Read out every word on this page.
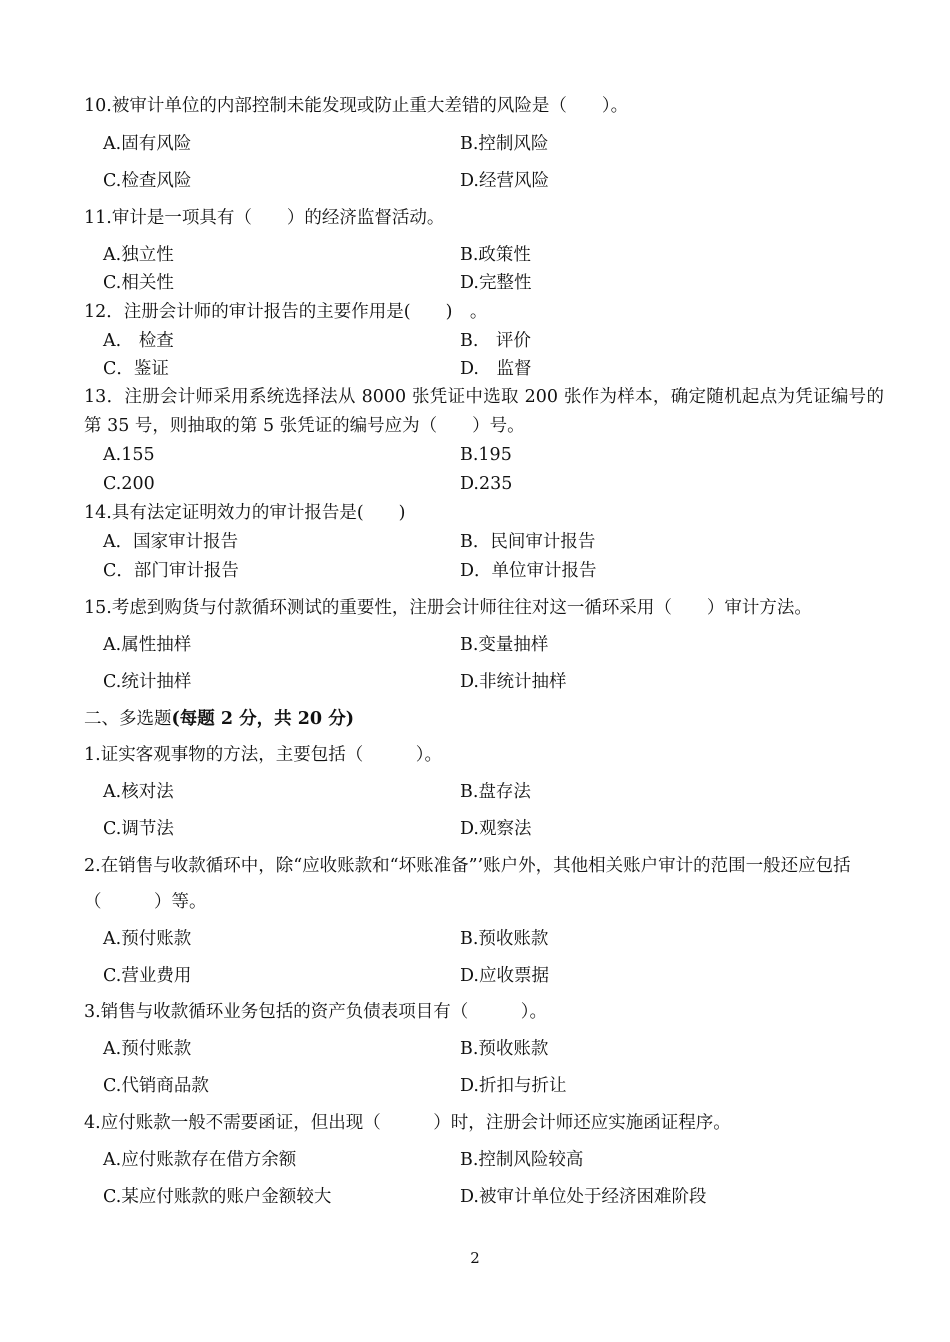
10.被审计单位的内部控制未能发现或防止重大差错的风险是（　　）。
A.固有风险	B.控制风险
C.检查风险	D.经营风险
11.审计是一项具有（　　）的经济监督活动。
A.独立性	B.政策性
C.相关性	D.完整性
12．注册会计师的审计报告的主要作用是(　　)　。
A.　检查	B.　评价
C．鉴证	D.　监督
13．注册会计师采用系统选择法从 8000 张凭证中选取 200 张作为样本，确定随机起点为凭证编号的第 35 号，则抽取的第 5 张凭证的编号应为（　　）号。
A.155	B.195
C.200	D.235
14.具有法定证明效力的审计报告是(　　)
A．国家审计报告	B．民间审计报告
C．部门审计报告	D．单位审计报告
15.考虑到购货与付款循环测试的重要性，注册会计师往往对这一循环采用（　　）审计方法。
A.属性抽样	B.变量抽样
C.统计抽样	D.非统计抽样
二、多选题(每题 2 分，共 20 分)
1.证实客观事物的方法，主要包括（　　　）。
A.核对法	B.盘存法
C.调节法	D.观察法
2.在销售与收款循环中，除“应收账款和“坏账准备”’账户外，其他相关账户审计的范围一般还应包括（　　　）等。
A.预付账款	B.预收账款
C.营业费用	D.应收票据
3.销售与收款循环业务包括的资产负债表项目有（　　　）。
A.预付账款	B.预收账款
C.代销商品款	D.折扣与折让
4.应付账款一般不需要函证，但出现（　　　）时，注册会计师还应实施函证程序。
A.应付账款存在借方余额	B.控制风险较高
C.某应付账款的账户金额较大	D.被审计单位处于经济困难阶段
2
